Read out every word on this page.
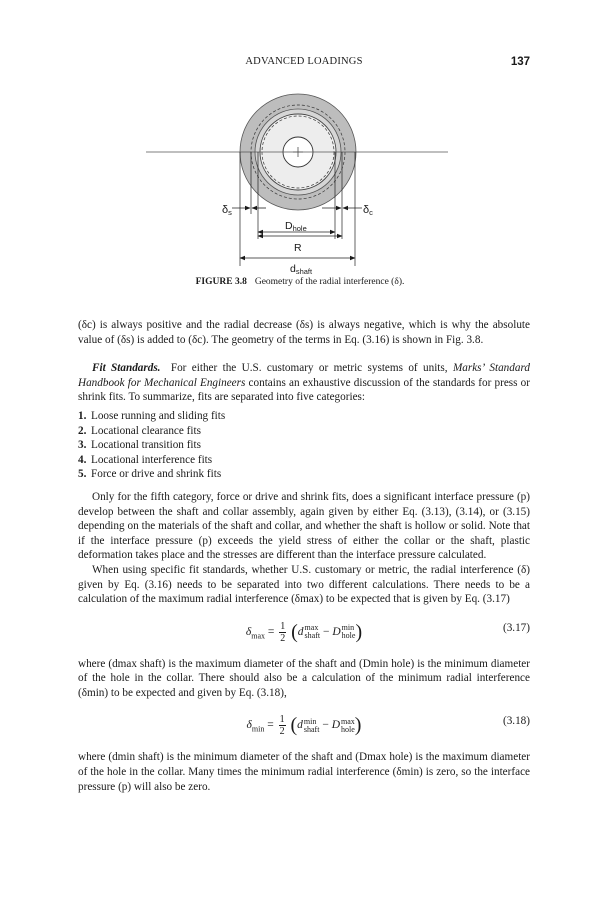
ADVANCED LOADINGS	137
δs	δc
Dhole
R
dshaft
FIGURE 3.8 Geometry of the radial interference (δ).

(δc) is always positive and the radial decrease (δs) is always negative, which is why the absolute value of (δs) is added to (δc). The geometry of the terms in Eq. (3.16) is shown in Fig. 3.8.

Fit Standards. For either the U.S. customary or metric systems of units, Marks’ Standard Handbook for Mechanical Engineers contains an exhaustive discussion of the standards for press or shrink fits. To summarize, fits are separated into five categories:

1. Loose running and sliding fits
2. Locational clearance fits
3. Locational transition fits
4. Locational interference fits
5. Force or drive and shrink fits

Only for the fifth category, force or drive and shrink fits, does a significant interface pressure (p) develop between the shaft and collar assembly, again given by either Eq. (3.13), (3.14), or (3.15) depending on the materials of the shaft and collar, and whether the shaft is hollow or solid. Note that if the interface pressure (p) exceeds the yield stress of either the collar or the shaft, plastic deformation takes place and the stresses are different than the interface pressure calculated.

When using specific fit standards, whether U.S. customary or metric, the radial interference (δ) given by Eq. (3.16) needs to be separated into two different calculations. There needs to be a calculation of the maximum radial interference (δmax) to be expected that is given by Eq. (3.17)

$\delta_{max} = \frac{1}{2} (d$ max
shaft − D min
hole )	(3.17)

where (dmax shaft) is the maximum diameter of the shaft and (Dmin hole) is the minimum diameter of the hole in the collar. There should also be a calculation of the minimum radial interference (δmin) to be expected and given by Eq. (3.18),

$\delta_{min} = \frac{1}{2} (d$ min
shaft − D max
hole )	(3.18)

where (dmin shaft) is the minimum diameter of the shaft and (Dmax hole) is the maximum diameter of the hole in the collar. Many times the minimum radial interference (δmin) is zero, so the interface pressure (p) will also be zero.
